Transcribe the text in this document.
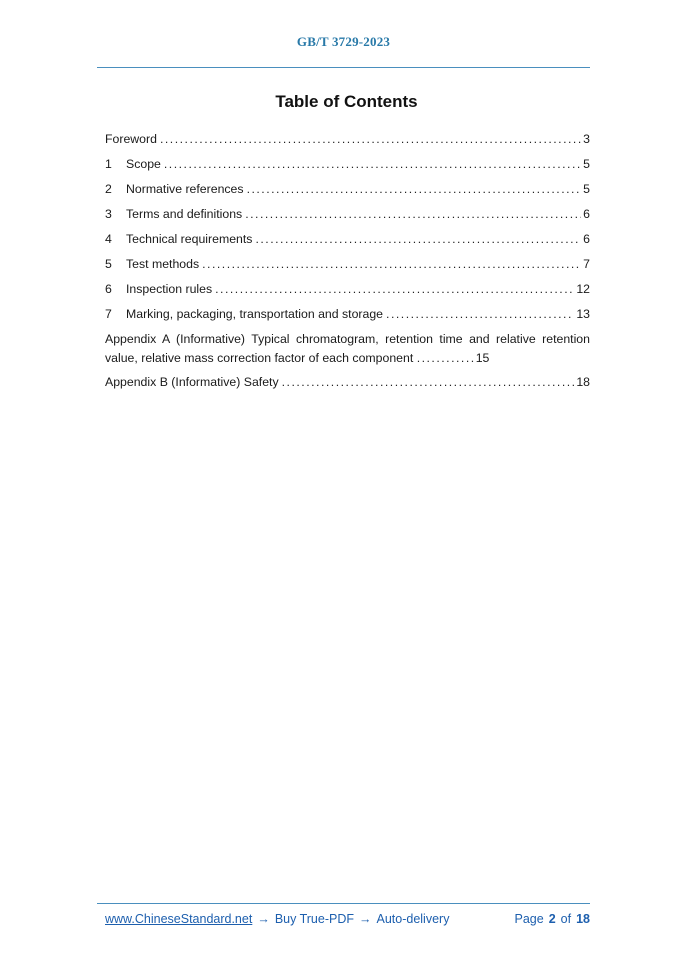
GB/T 3729-2023
Table of Contents
Foreword .....	3
1	Scope .....	5
2	Normative references .....	5
3	Terms and definitions .....	6
4	Technical requirements .....	6
5	Test methods .....	7
6	Inspection rules .....	12
7	Marking, packaging, transportation and storage .....	13
Appendix A (Informative) Typical chromatogram, retention time and relative retention value, relative mass correction factor of each component .....	15
Appendix B (Informative) Safety .....	18
www.ChineseStandard.net → Buy True-PDF → Auto-delivery	Page 2 of 18
